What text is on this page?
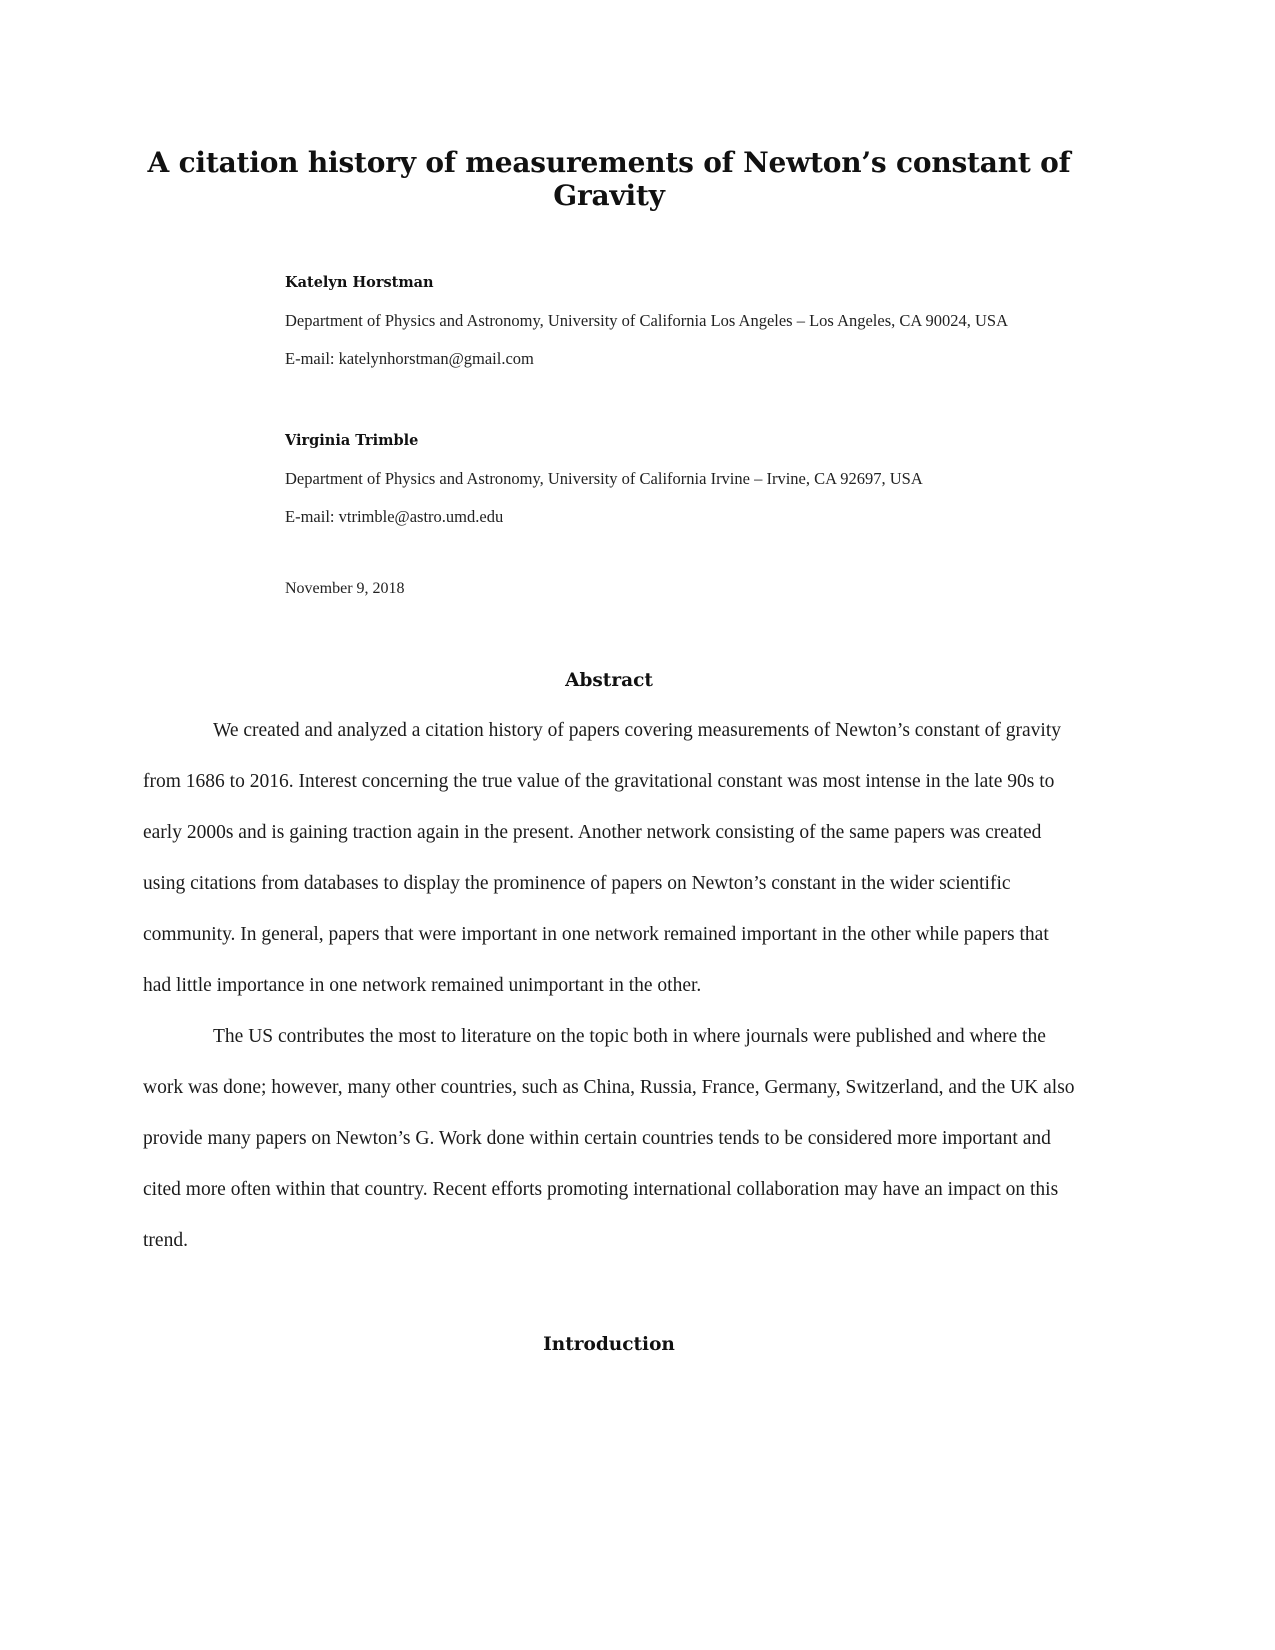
A citation history of measurements of Newton’s constant of Gravity
Katelyn Horstman
Department of Physics and Astronomy, University of California Los Angeles – Los Angeles, CA 90024, USA
E-mail: katelynhorstman@gmail.com
Virginia Trimble
Department of Physics and Astronomy, University of California Irvine – Irvine, CA 92697, USA
E-mail: vtrimble@astro.umd.edu
November 9, 2018
Abstract

We created and analyzed a citation history of papers covering measurements of Newton’s constant of gravity from 1686 to 2016. Interest concerning the true value of the gravitational constant was most intense in the late 90s to early 2000s and is gaining traction again in the present. Another network consisting of the same papers was created using citations from databases to display the prominence of papers on Newton’s constant in the wider scientific community. In general, papers that were important in one network remained important in the other while papers that had little importance in one network remained unimportant in the other.

The US contributes the most to literature on the topic both in where journals were published and where the work was done; however, many other countries, such as China, Russia, France, Germany, Switzerland, and the UK also provide many papers on Newton’s G. Work done within certain countries tends to be considered more important and cited more often within that country. Recent efforts promoting international collaboration may have an impact on this trend.

Introduction
